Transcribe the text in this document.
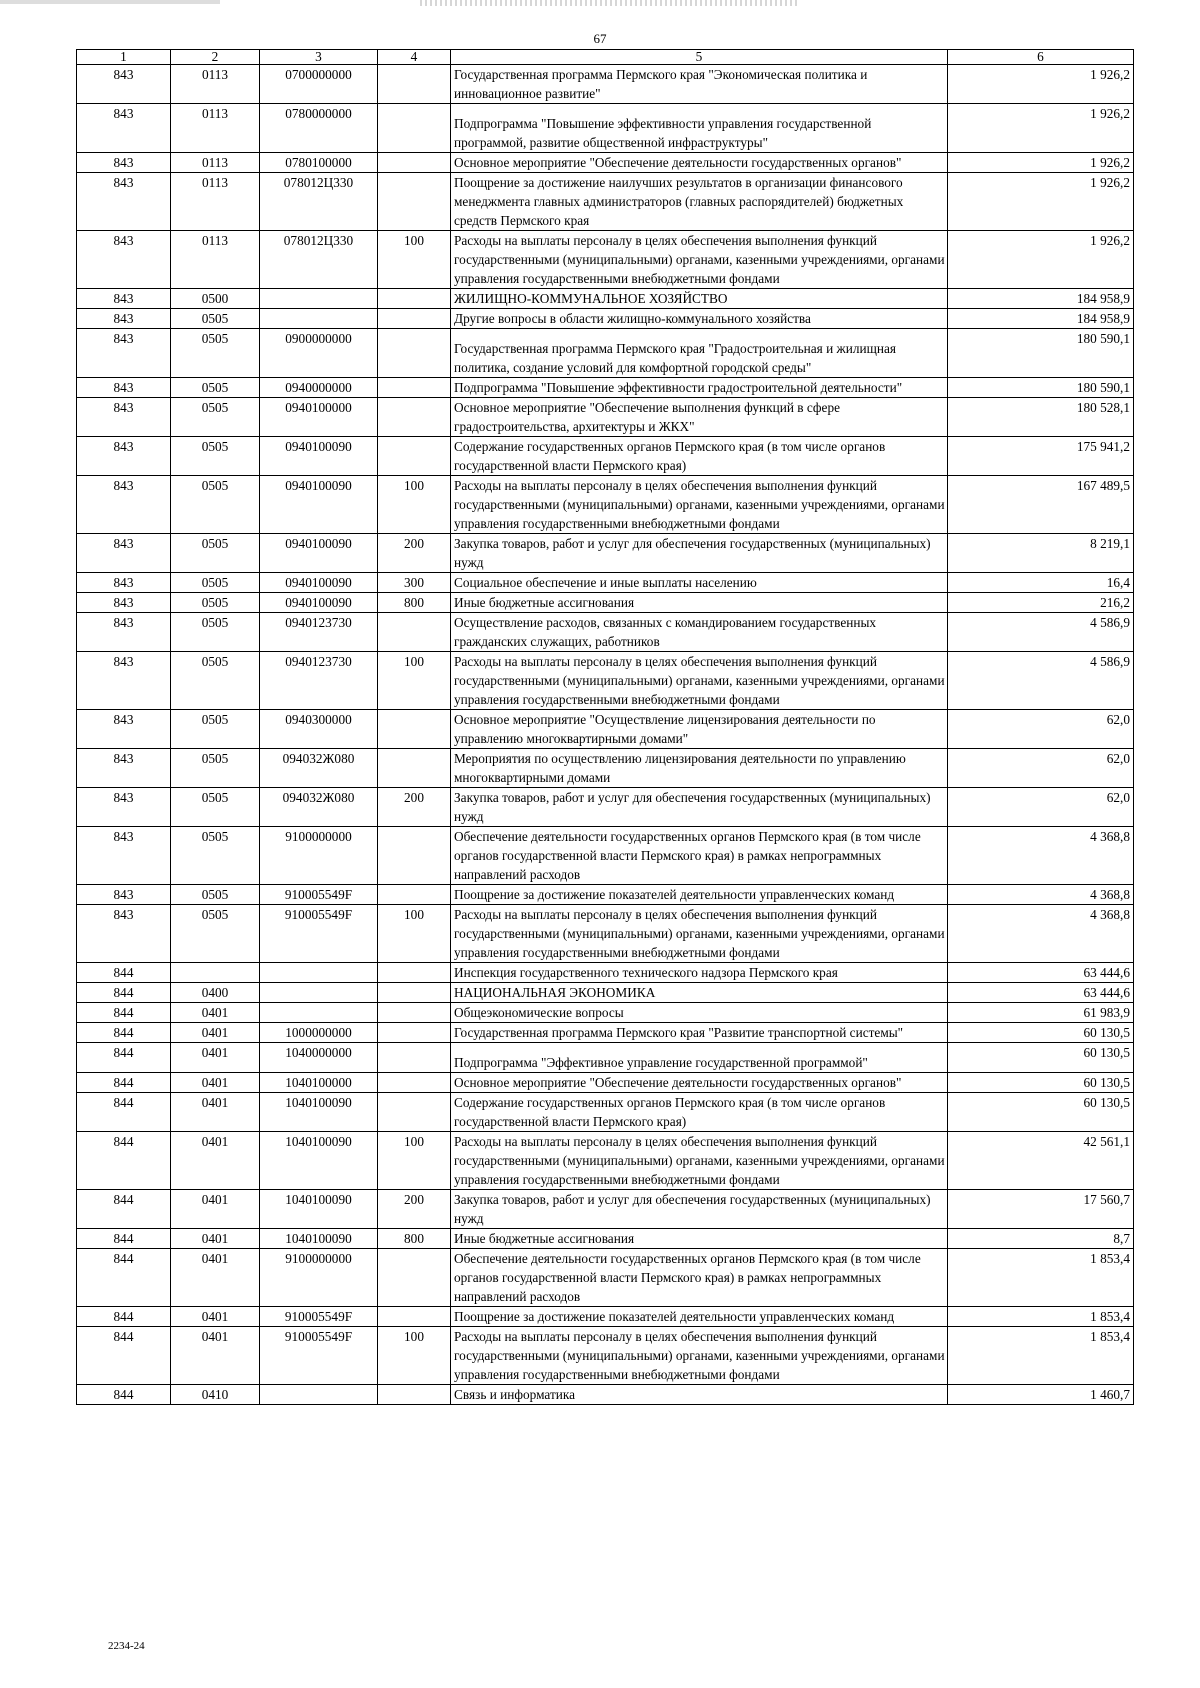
67
1	2	3	4	5	6
843	0113	0700000000		Государственная программа Пермского края "Экономическая политика и инновационное развитие"	1 926,2
843	0113	0780000000		Подпрограмма "Повышение эффективности управления государственной программой, развитие общественной инфраструктуры"	1 926,2
843	0113	0780100000		Основное мероприятие "Обеспечение деятельности государственных органов"	1 926,2
843	0113	078012Ц330		Поощрение за достижение наилучших результатов в организации финансового менеджмента главных администраторов (главных распорядителей) бюджетных средств Пермского края	1 926,2
843	0113	078012Ц330	100	Расходы на выплаты персоналу в целях обеспечения выполнения функций государственными (муниципальными) органами, казенными учреждениями, органами управления государственными внебюджетными фондами	1 926,2
843	0500			ЖИЛИЩНО-КОММУНАЛЬНОЕ ХОЗЯЙСТВО	184 958,9
843	0505			Другие вопросы в области жилищно-коммунального хозяйства	184 958,9
843	0505	0900000000		Государственная программа Пермского края "Градостроительная и жилищная политика, создание условий для комфортной городской среды"	180 590,1
843	0505	0940000000		Подпрограмма "Повышение эффективности градостроительной деятельности"	180 590,1
843	0505	0940100000		Основное мероприятие "Обеспечение выполнения функций в сфере градостроительства, архитектуры и ЖКХ"	180 528,1
843	0505	0940100090		Содержание государственных органов Пермского края (в том числе органов государственной власти Пермского края)	175 941,2
843	0505	0940100090	100	Расходы на выплаты персоналу в целях обеспечения выполнения функций государственными (муниципальными) органами, казенными учреждениями, органами управления государственными внебюджетными фондами	167 489,5
843	0505	0940100090	200	Закупка товаров, работ и услуг для обеспечения государственных (муниципальных) нужд	8 219,1
843	0505	0940100090	300	Социальное обеспечение и иные выплаты населению	16,4
843	0505	0940100090	800	Иные бюджетные ассигнования	216,2
843	0505	0940123730		Осуществление расходов, связанных с командированием государственных гражданских служащих, работников	4 586,9
843	0505	0940123730	100	Расходы на выплаты персоналу в целях обеспечения выполнения функций государственными (муниципальными) органами, казенными учреждениями, органами управления государственными внебюджетными фондами	4 586,9
843	0505	0940300000		Основное мероприятие "Осуществление лицензирования деятельности по управлению многоквартирными домами"	62,0
843	0505	094032Ж080		Мероприятия по осуществлению лицензирования деятельности по управлению многоквартирными домами	62,0
843	0505	094032Ж080	200	Закупка товаров, работ и услуг для обеспечения государственных (муниципальных) нужд	62,0
843	0505	9100000000		Обеспечение деятельности государственных органов Пермского края (в том числе органов государственной власти Пермского края) в рамках непрограммных направлений расходов	4 368,8
843	0505	910005549F		Поощрение за достижение показателей деятельности управленческих команд	4 368,8
843	0505	910005549F	100	Расходы на выплаты персоналу в целях обеспечения выполнения функций государственными (муниципальными) органами, казенными учреждениями, органами управления государственными внебюджетными фондами	4 368,8
844				Инспекция государственного технического надзора Пермского края	63 444,6
844	0400			НАЦИОНАЛЬНАЯ ЭКОНОМИКА	63 444,6
844	0401			Общеэкономические вопросы	61 983,9
844	0401	1000000000		Государственная программа Пермского края "Развитие транспортной системы"	60 130,5
844	0401	1040000000		Подпрограмма "Эффективное управление государственной программой"	60 130,5
844	0401	1040100000		Основное мероприятие "Обеспечение деятельности государственных органов"	60 130,5
844	0401	1040100090		Содержание государственных органов Пермского края (в том числе органов государственной власти Пермского края)	60 130,5
844	0401	1040100090	100	Расходы на выплаты персоналу в целях обеспечения выполнения функций государственными (муниципальными) органами, казенными учреждениями, органами управления государственными внебюджетными фондами	42 561,1
844	0401	1040100090	200	Закупка товаров, работ и услуг для обеспечения государственных (муниципальных) нужд	17 560,7
844	0401	1040100090	800	Иные бюджетные ассигнования	8,7
844	0401	9100000000		Обеспечение деятельности государственных органов Пермского края (в том числе органов государственной власти Пермского края) в рамках непрограммных направлений расходов	1 853,4
844	0401	910005549F		Поощрение за достижение показателей деятельности управленческих команд	1 853,4
844	0401	910005549F	100	Расходы на выплаты персоналу в целях обеспечения выполнения функций государственными (муниципальными) органами, казенными учреждениями, органами управления государственными внебюджетными фондами	1 853,4
844	0410			Связь и информатика	1 460,7
2234-24
